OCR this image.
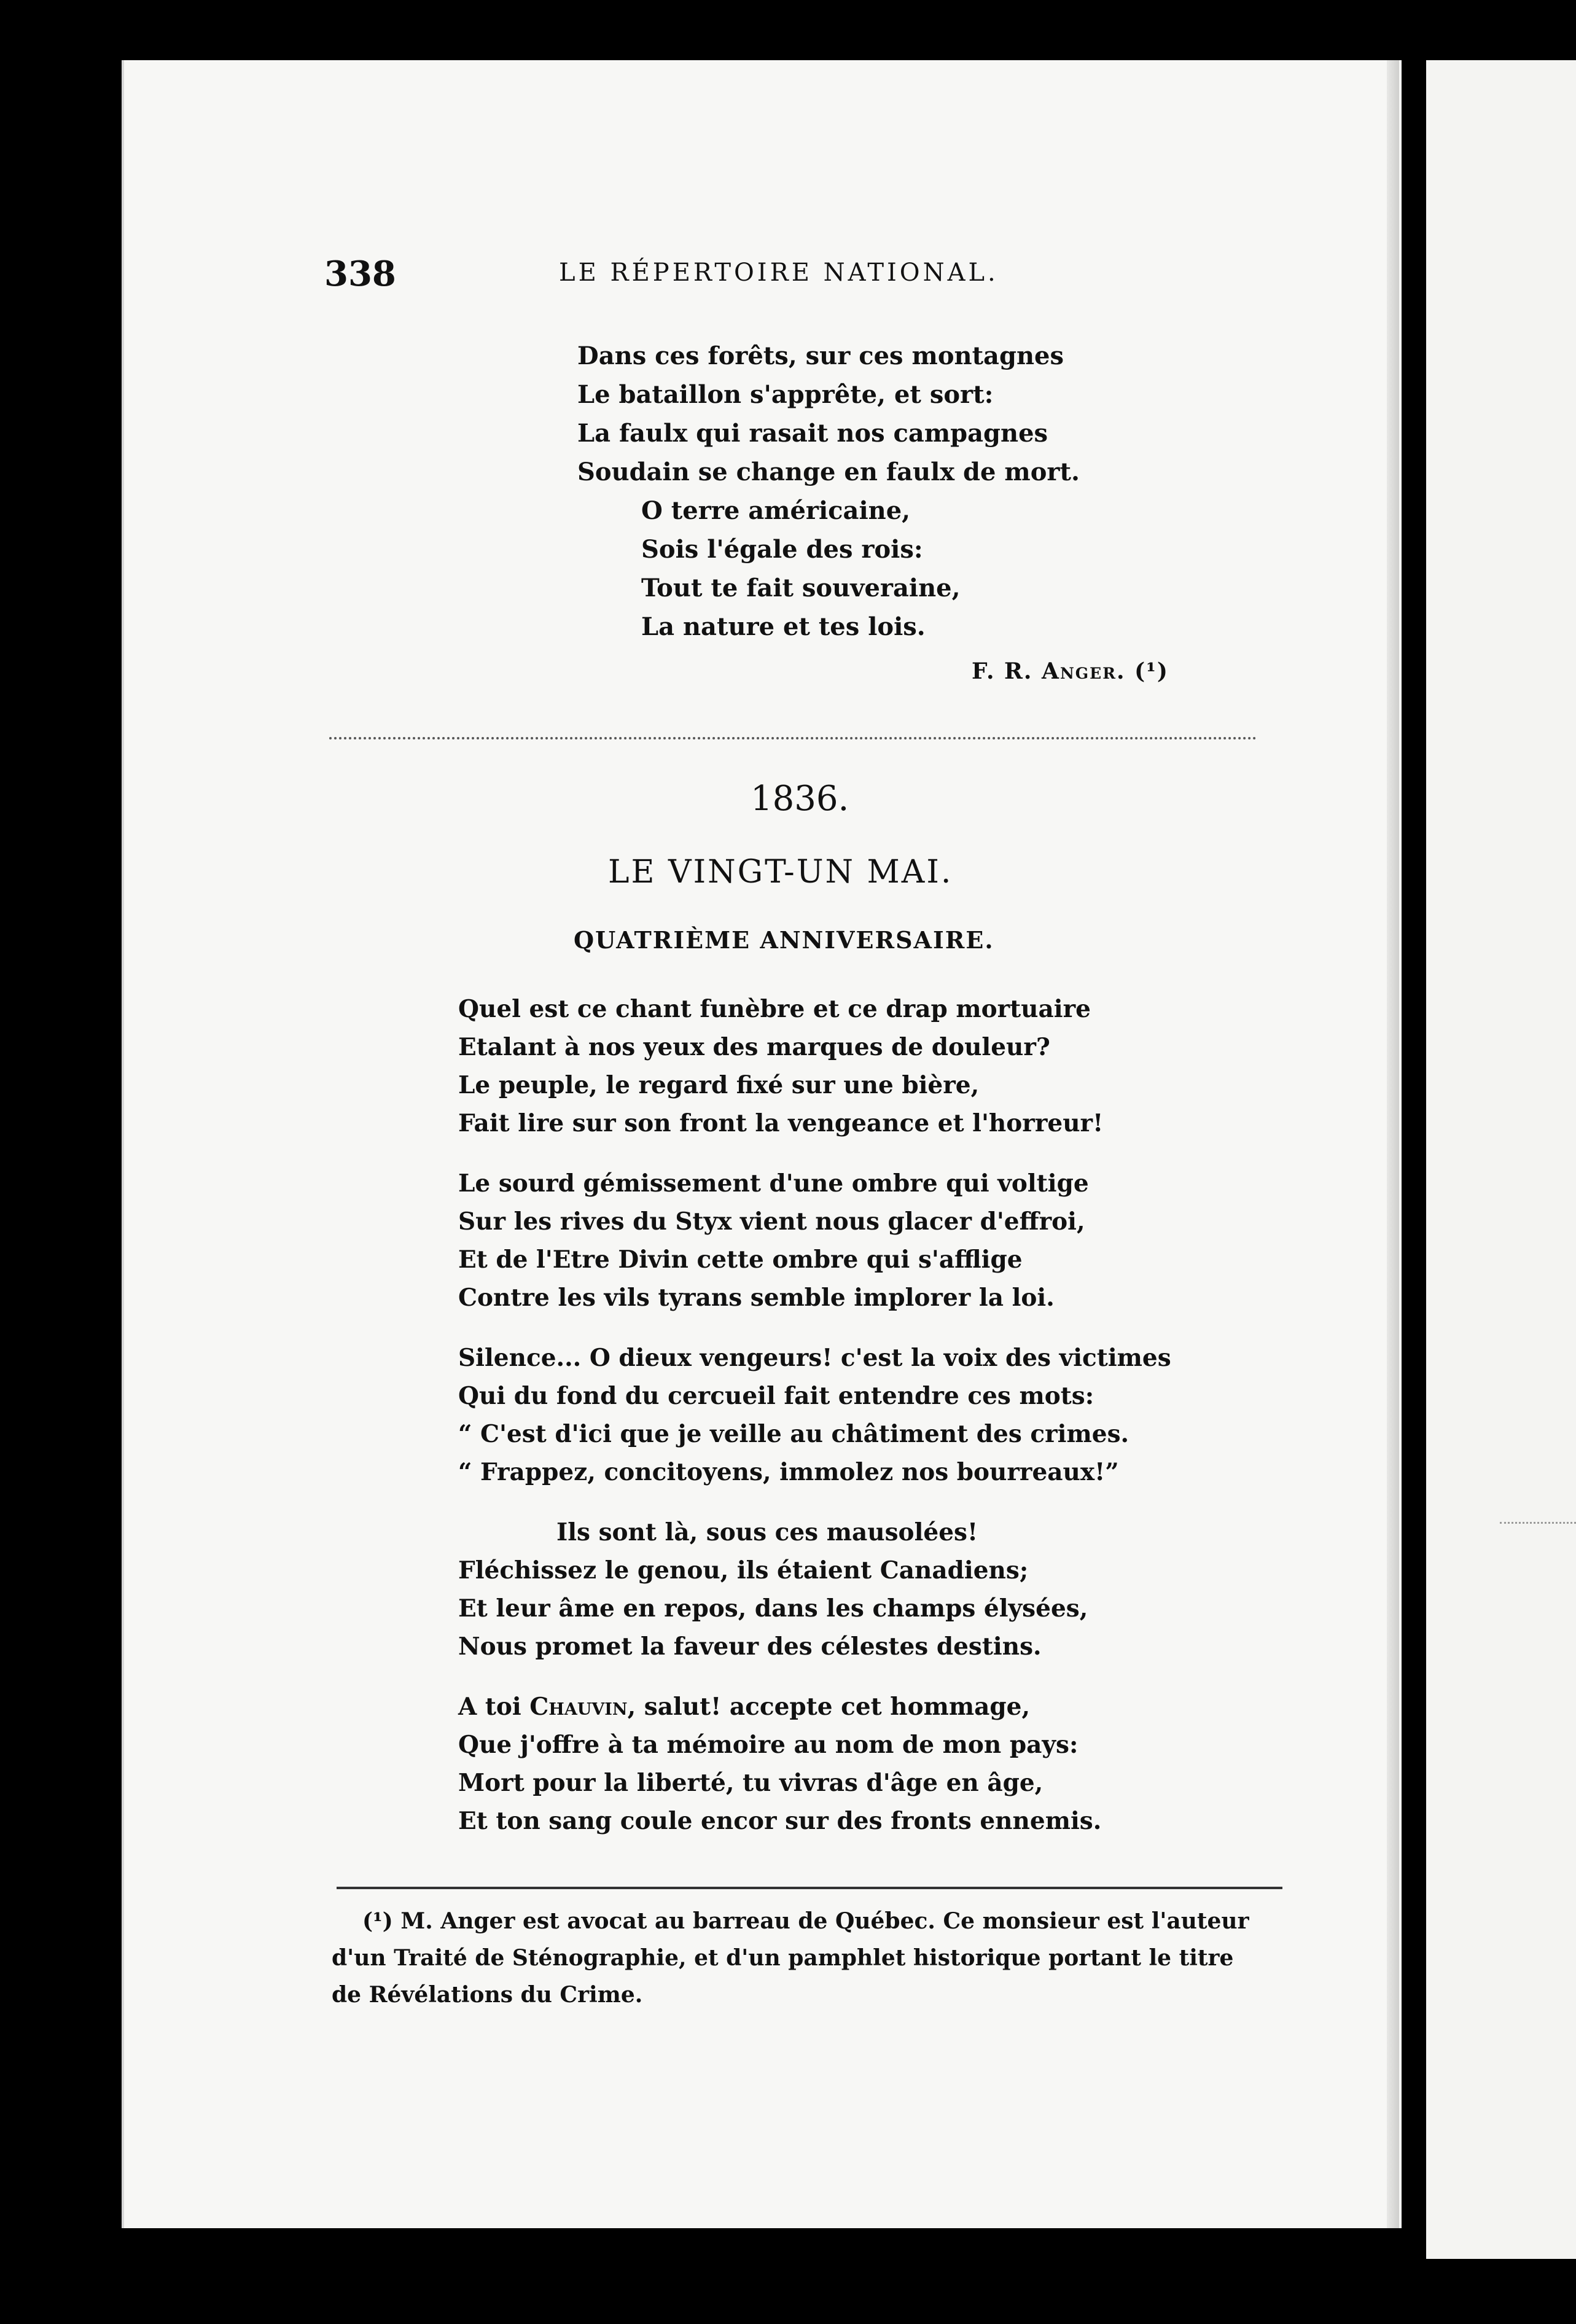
338	LE RÉPERTOIRE NATIONAL.

Dans ces forêts, sur ces montagnes

Le bataillon s'apprête, et sort:

La faulx qui rasait nos campagnes

Soudain se change en faulx de mort.

O terre américaine,

Sois l'égale des rois:

Tout te fait souveraine,

La nature et tes lois.

F. R. Anger. (¹)
1836.
LE VINGT-UN MAI.
QUATRIÈME ANNIVERSAIRE.

Quel est ce chant funèbre et ce drap mortuaire

Etalant à nos yeux des marques de douleur?

Le peuple, le regard fixé sur une bière,

Fait lire sur son front la vengeance et l'horreur!

Le sourd gémissement d'une ombre qui voltige

Sur les rives du Styx vient nous glacer d'effroi,

Et de l'Etre Divin cette ombre qui s'afflige

Contre les vils tyrans semble implorer la loi.

Silence... O dieux vengeurs! c'est la voix des victimes

Qui du fond du cercueil fait entendre ces mots:

“ C'est d'ici que je veille au châtiment des crimes.

“ Frappez, concitoyens, immolez nos bourreaux!”

Ils sont là, sous ces mausolées!

Fléchissez le genou, ils étaient Canadiens;

Et leur âme en repos, dans les champs élysées,

Nous promet la faveur des célestes destins.

A toi Chauvin, salut! accepte cet hommage,

Que j'offre à ta mémoire au nom de mon pays:

Mort pour la liberté, tu vivras d'âge en âge,

Et ton sang coule encor sur des fronts ennemis.

(¹) M. Anger est avocat au barreau de Québec. Ce monsieur est l'auteur

d'un Traité de Sténographie, et d'un pamphlet historique portant le titre

de Révélations du Crime.
